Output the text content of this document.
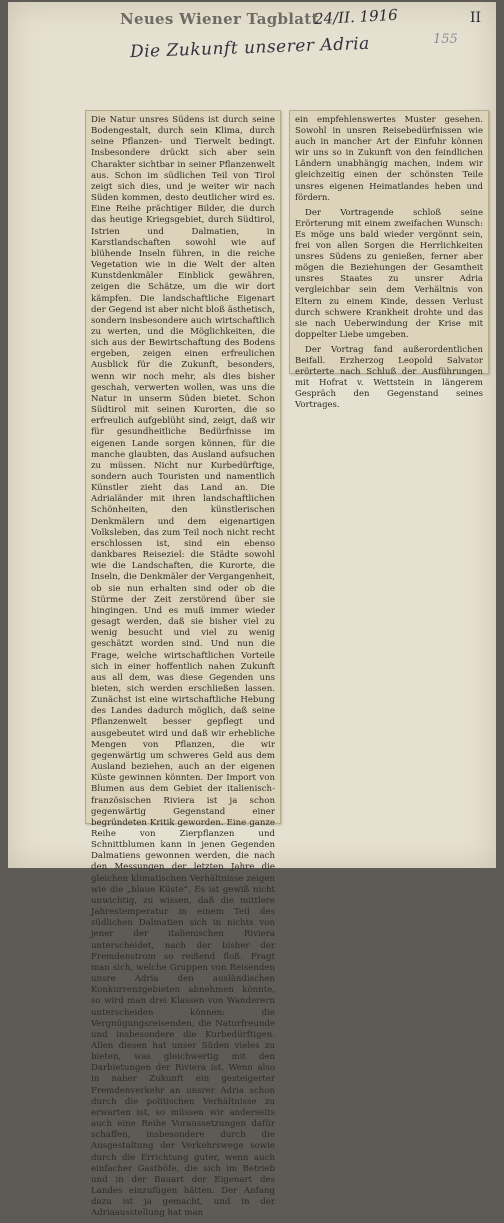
Neues Wiener Tagblatt
24/II. 1916	II
155
Die Zukunft unserer Adria

Die Natur unsres Südens ist durch seine Bodengestalt, durch sein Klima, durch seine Pflanzen- und Tierwelt bedingt. Insbesondere drückt sich aber sein Charakter sichtbar in seiner Pflanzenwelt aus. Schon im südlichen Teil von Tirol zeigt sich dies, und je weiter wir nach Süden kommen, desto deutlicher wird es. Eine Reihe prächtiger Bilder, die durch das heutige Kriegsgebiet, durch Südtirol, Istrien und Dalmatien, in Karstlandschaften sowohl wie auf blühende Inseln führen, in die reiche Vegetation wie in die Welt der alten Kunstdenkmäler Einblick gewähren, zeigen die Schätze, um die wir dort kämpfen. Die landschaftliche Eigenart der Gegend ist aber nicht bloß ästhetisch, sondern insbesondere auch wirtschaftlich zu werten, und die Möglichkeiten, die sich aus der Bewirtschaftung des Bodens ergeben, zeigen einen erfreulichen Ausblick für die Zukunft, besonders, wenn wir noch mehr, als dies bisher geschah, verwerten wollen, was uns die Natur in unserm Süden bietet. Schon Südtirol mit seinen Kurorten, die so erfreulich aufgeblüht sind, zeigt, daß wir für gesundheitliche Bedürfnisse im eigenen Lande sorgen können, für die manche glaubten, das Ausland aufsuchen zu müssen. Nicht nur Kurbedürftige, sondern auch Touristen und namentlich Künstler zieht das Land an. Die Adrialänder mit ihren landschaftlichen Schönheiten, den künstlerischen Denkmälern und dem eigenartigen Volksleben, das zum Teil noch nicht recht erschlossen ist, sind ein ebenso dankbares Reiseziel: die Städte sowohl wie die Landschaften, die Kurorte, die Inseln, die Denkmäler der Vergangenheit, ob sie nun erhalten sind oder ob die Stürme der Zeit zerstörend über sie hingingen. Und es muß immer wieder gesagt werden, daß sie bisher viel zu wenig besucht und viel zu wenig geschätzt worden sind. Und nun die Frage, welche wirtschaftlichen Vorteile sich in einer hoffentlich nahen Zukunft aus all dem, was diese Gegenden uns bieten, sich werden erschließen lassen. Zunächst ist eine wirtschaftliche Hebung des Landes dadurch möglich, daß seine Pflanzenwelt besser gepflegt und ausgebeutet wird und daß wir erhebliche Mengen von Pflanzen, die wir gegenwärtig um schweres Geld aus dem Ausland beziehen, auch an der eigenen Küste gewinnen könnten. Der Import von Blumen aus dem Gebiet der italienisch-französischen Riviera ist ja schon gegenwärtig Gegenstand einer begründeten Kritik geworden. Eine ganze Reihe von Zierpflanzen und Schnittblumen kann in jenen Gegenden Dalmatiens gewonnen werden, die nach den Messungen der letzten Jahre die gleichen klimatischen Verhältnisse zeigen wie die „blaue Küste“. Es ist gewiß nicht unwichtig, zu wissen, daß die mittlere Jahrestemperatur in einem Teil des südlichen Dalmatien sich in nichts von jener der italienischen Riviera unterscheidet, nach der bisher der Fremdenstrom so reißend floß. Fragt man sich, welche Gruppen von Reisenden unsre Adria den ausländischen Konkurrenzgebieten abnehmen könnte, so wird man drei Klassen von Wanderern unterscheiden können: die Vergnügungsreisenden, die Naturfreunde und insbesondere die Kurbedürftigen. Allen diesen hat unser Süden vieles zu bieten, was gleichwertig mit den Darbietungen der Riviera ist. Wenn also in naher Zukunft ein gesteigerter Fremdenverkehr an unsrer Adria schon durch die politischen Verhältnisse zu erwarten ist, so müssen wir anderseits auch eine Reihe Voraussetzungen dafür schaffen, insbesondere durch die Ausgestaltung der Verkehrswege sowie durch die Errichtung guter, wenn auch einfacher Gasthöfe, die sich im Betrieb und in der Bauart der Eigenart des Landes einzufügen hätten. Der Anfang dazu ist ja gemacht, und in der Adriaausstellung hat man

ein empfehlenswertes Muster gesehen. Sowohl in unsren Reisebedürfnissen wie auch in mancher Art der Einfuhr können wir uns so in Zukunft von den feindlichen Ländern unabhängig machen, indem wir gleichzeitig einen der schönsten Teile unsres eigenen Heimatlandes heben und fördern.

Der Vortragende schloß seine Erörterung mit einem zweifachen Wunsch: Es möge uns bald wieder vergönnt sein, frei von allen Sorgen die Herrlichkeiten unsres Südens zu genießen, ferner aber mögen die Beziehungen der Gesamtheit unsres Staates zu unsrer Adria vergleichbar sein dem Verhältnis von Eltern zu einem Kinde, dessen Verlust durch schwere Krankheit drohte und das sie nach Ueberwindung der Krise mit doppelter Liebe umgeben.

Der Vortrag fand außerordentlichen Beifall. Erzherzog Leopold Salvator erörterte nach Schluß der Ausführungen mit Hofrat v. Wettstein in längerem Gespräch den Gegenstand seines Vortrages.
